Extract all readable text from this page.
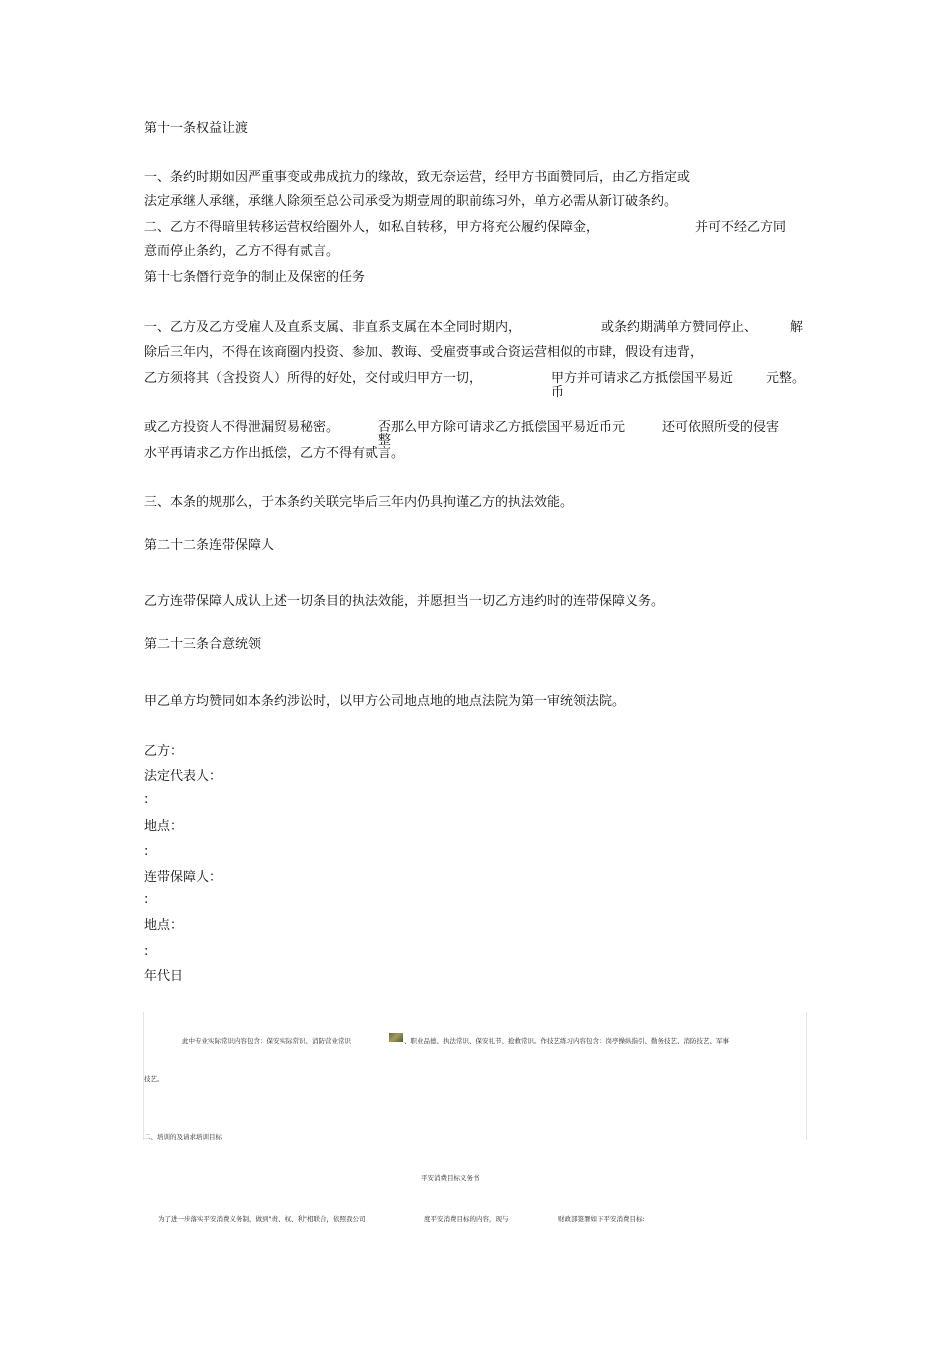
第十一条权益让渡
一、条约时期如因严重事变或弗成抗力的缘故，致无奈运营，经甲方书面赞同后，由乙方指定或
法定承继人承继，承继人除须至总公司承受为期壹周的职前练习外，单方必需从新订破条约。
二、乙方不得暗里转移运营权给圈外人，如私自转移，甲方将充公履约保障金，	并可不经乙方同
意而停止条约，乙方不得有贰言。
第十七条僭行竞争的制止及保密的任务
一、乙方及乙方受雇人及直系支属、非直系支属在本全同时期内，	或条约期满单方赞同停止、	解
除后三年内，不得在该商圈内投资、参加、教诲、受雇赍事或合资运营相似的市肆，假设有违背，
乙方须将其（含投资人）所得的好处，交付或归甲方一切，	甲方并可请求乙方抵偿国平易近	元整。
币
或乙方投资人不得泄漏贸易秘密。	否那么甲方除可请求乙方抵偿国平易近币元	还可依照所受的侵害
整
水平再请求乙方作出抵偿，乙方不得有贰言。
三、本条的规那么，于本条约关联完毕后三年内仍具拘谨乙方的执法效能。
第二十二条连带保障人
乙方连带保障人成认上述一切条目的执法效能，并愿担当一切乙方违约时的连带保障义务。
第二十三条合意统领
甲乙单方均赞同如本条约涉讼时，以甲方公司地点地的地点法院为第一审统领法院。
乙方：
法定代表人：
:
地点：
:
连带保障人：
:
地点：
:
年代日
此中专业实际常识内容包含：保安实际常识、消防营业常识	、职业品德、执法常识、保安礼节、抢救常识。作技艺练习内容包含：岗亭操纵指引、勤务技艺、消防技艺、军事
技艺。
二、培训的及请求培训目标
平安消费目标义务书
为了进一步落实平安消费义务制，做到"责、权、利"相联合，依照我公司	度平安消费目标的内容，现与	财政部签署如下平安消费目标:
